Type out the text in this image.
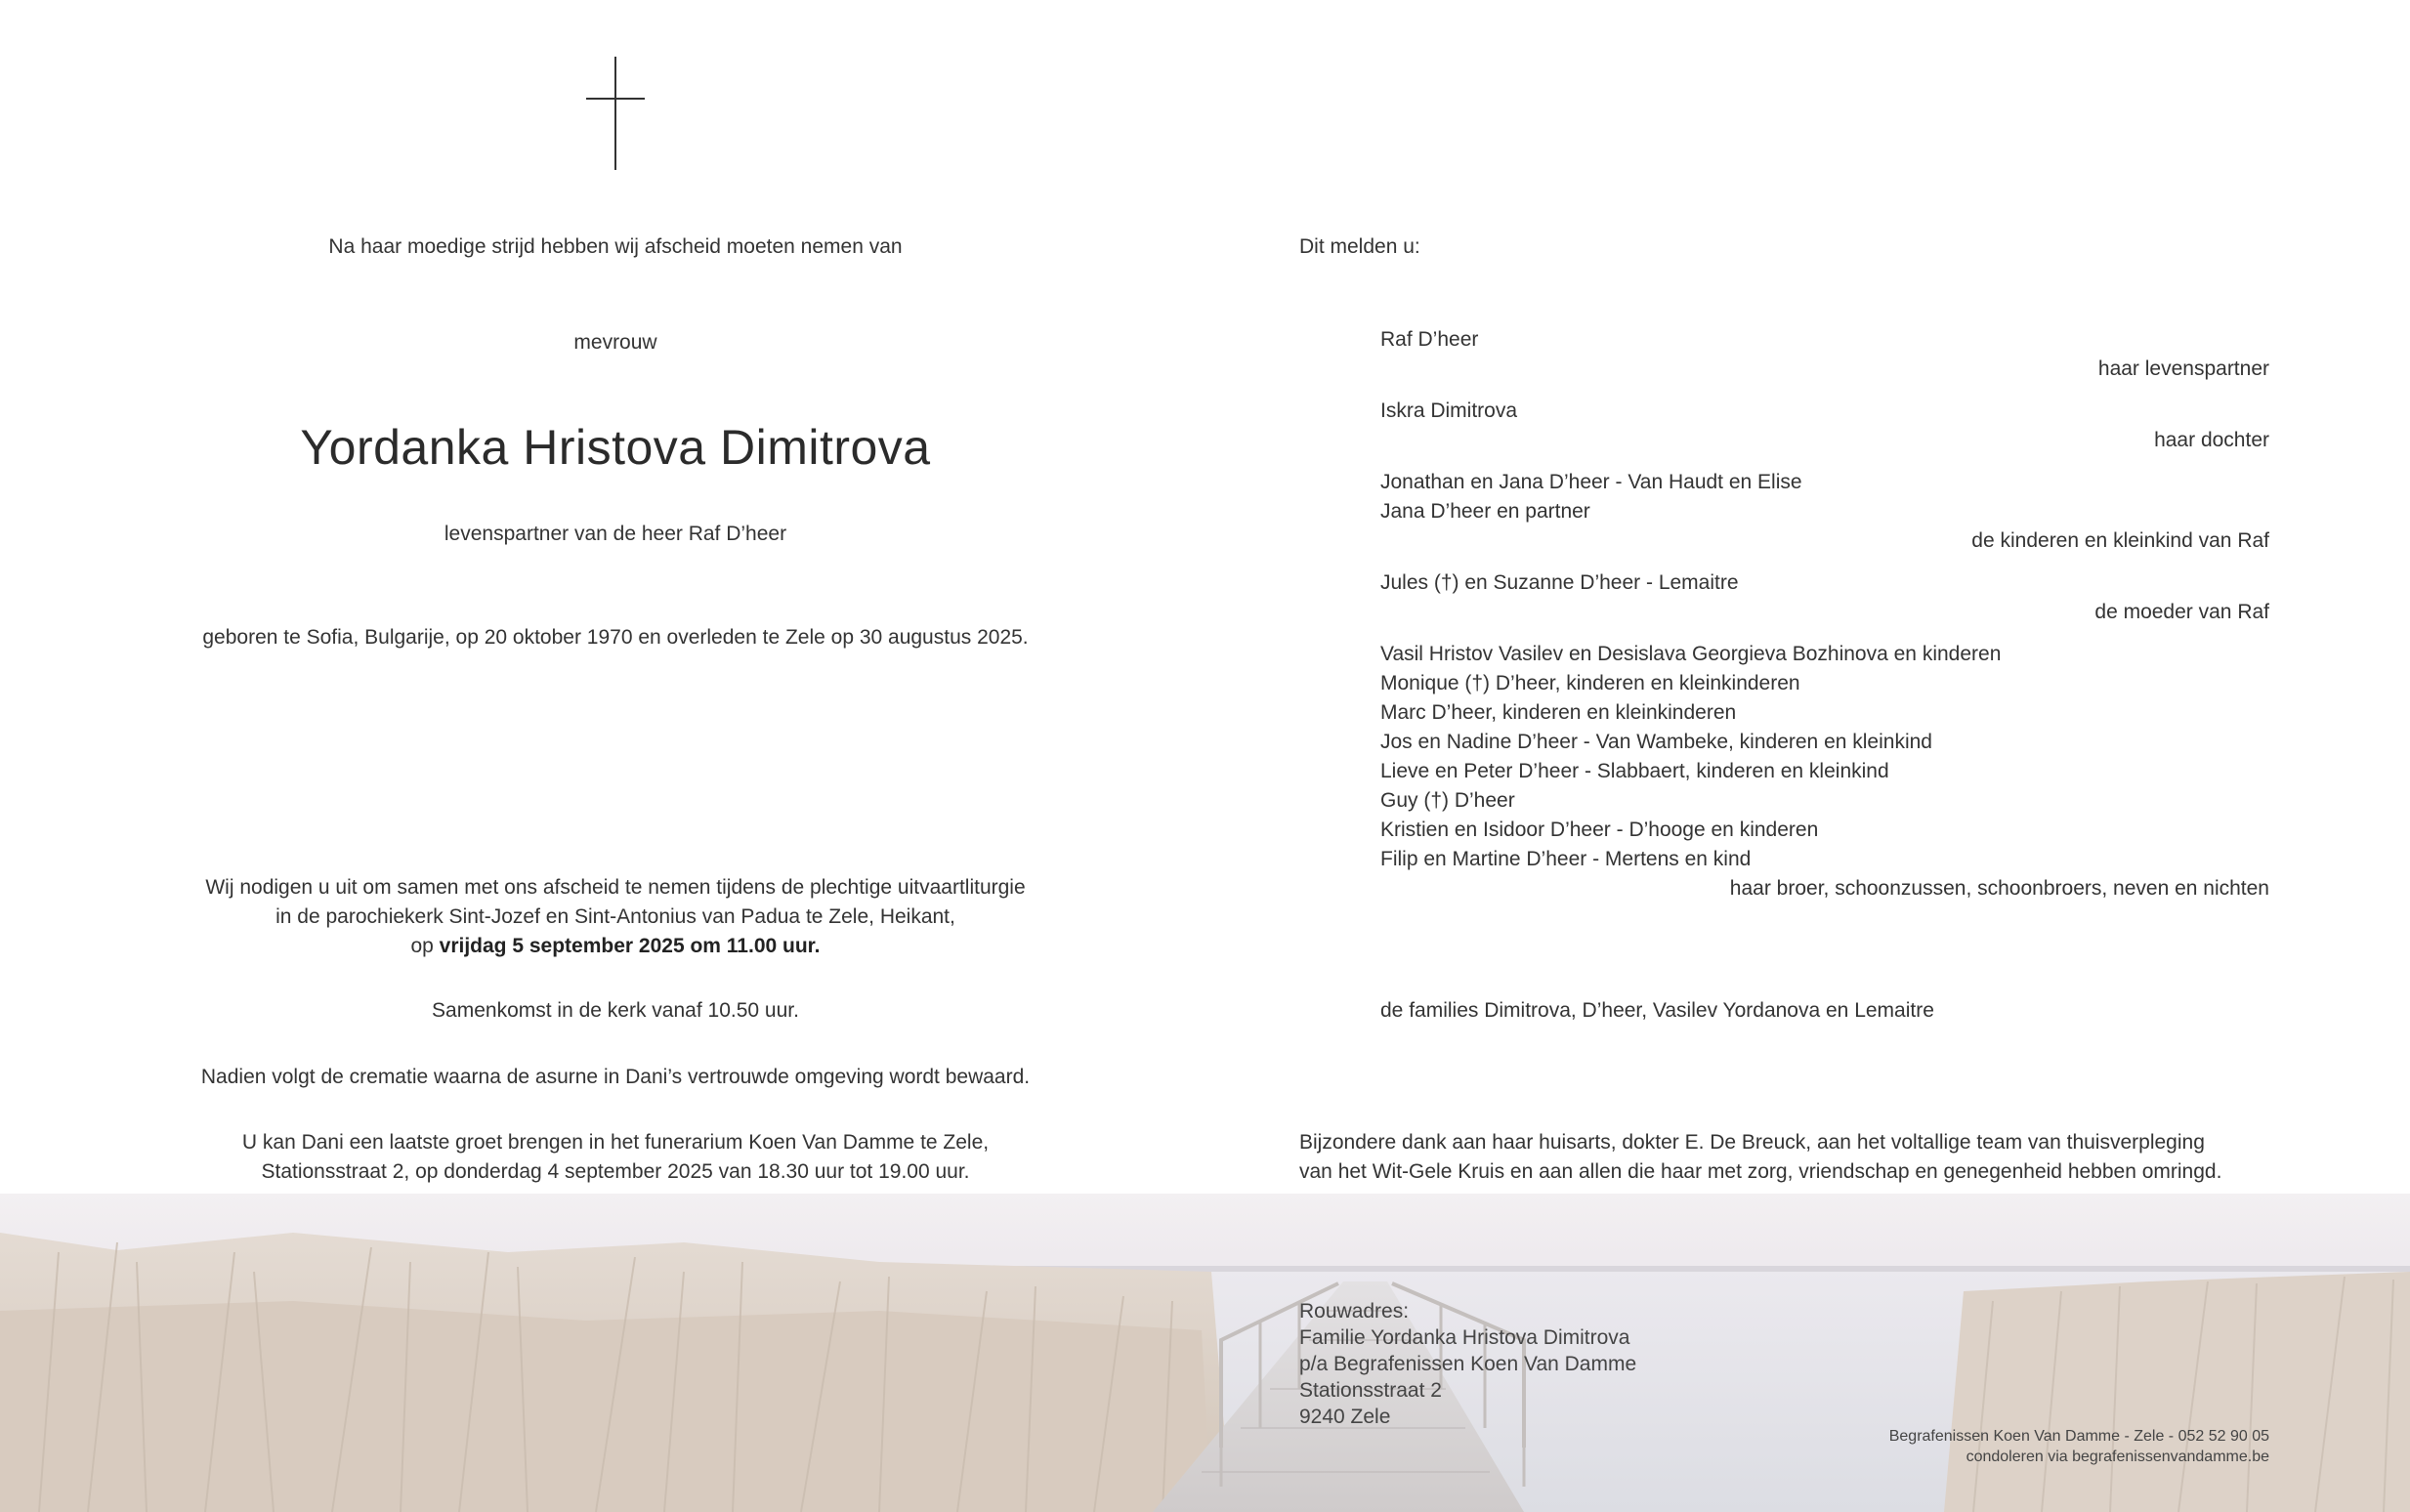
Na haar moedige strijd hebben wij afscheid moeten nemen van
mevrouw
Yordanka Hristova Dimitrova
levenspartner van de heer Raf D’heer
geboren te Sofia, Bulgarije, op 20 oktober 1970 en overleden te Zele op 30 augustus 2025.
Wij nodigen u uit om samen met ons afscheid te nemen tijdens de plechtige uitvaartliturgie
in de parochiekerk Sint-Jozef en Sint-Antonius van Padua te Zele, Heikant,
op vrijdag 5 september 2025 om 11.00 uur.
Samenkomst in de kerk vanaf 10.50 uur.
Nadien volgt de crematie waarna de asurne in Dani’s vertrouwde omgeving wordt bewaard.
U kan Dani een laatste groet brengen in het funerarium Koen Van Damme te Zele,
Stationsstraat 2, op donderdag 4 september 2025 van 18.30 uur tot 19.00 uur.
Dit melden u:
Raf D’heer
haar levenspartner
Iskra Dimitrova
haar dochter
Jonathan en Jana D’heer - Van Haudt en Elise
Jana D’heer en partner
de kinderen en kleinkind van Raf
Jules (†) en Suzanne D’heer - Lemaitre
de moeder van Raf
Vasil Hristov Vasilev en Desislava Georgieva Bozhinova en kinderen
Monique (†) D’heer, kinderen en kleinkinderen
Marc D’heer, kinderen en kleinkinderen
Jos en Nadine D’heer - Van Wambeke, kinderen en kleinkind
Lieve en Peter D’heer - Slabbaert, kinderen en kleinkind
Guy (†) D’heer
Kristien en Isidoor D’heer - D’hooge en kinderen
Filip en Martine D’heer - Mertens en kind
haar broer, schoonzussen, schoonbroers, neven en nichten
de families Dimitrova, D’heer, Vasilev Yordanova en Lemaitre
Bijzondere dank aan haar huisarts, dokter E. De Breuck, aan het voltallige team van thuisverpleging
van het Wit-Gele Kruis en aan allen die haar met zorg, vriendschap en genegenheid hebben omringd.
Rouwadres:
Familie Yordanka Hristova Dimitrova
p/a Begrafenissen Koen Van Damme
Stationsstraat 2
9240 Zele
Begrafenissen Koen Van Damme - Zele - 052 52 90 05
condoleren via begrafenissenvandamme.be
